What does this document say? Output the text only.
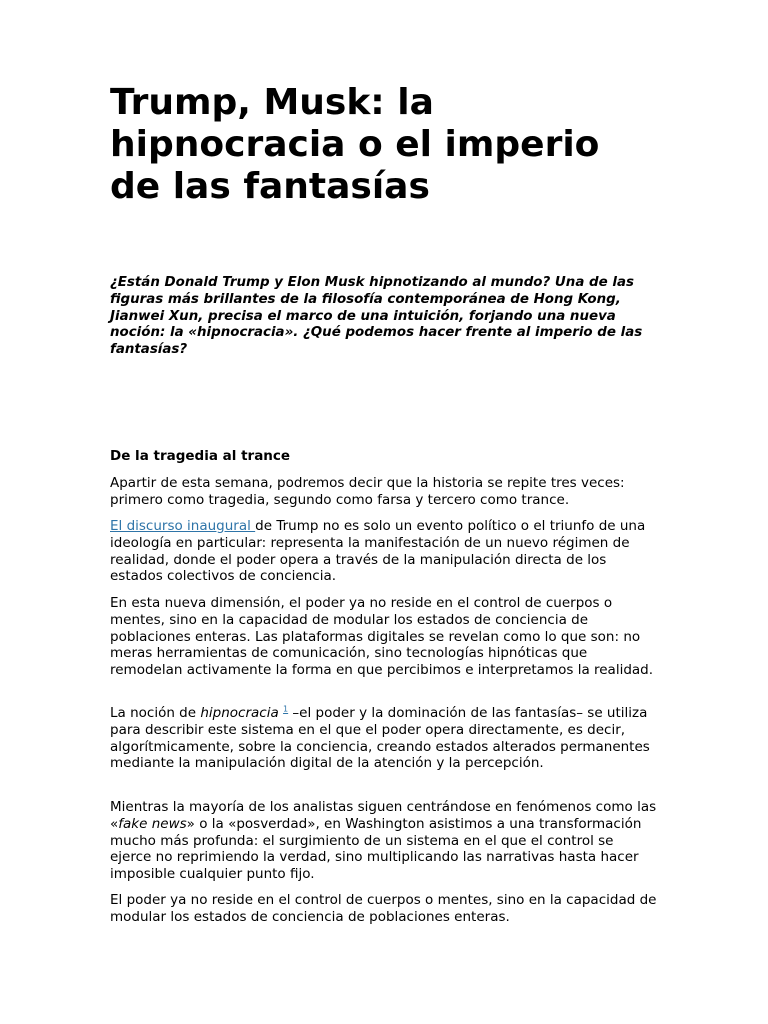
Trump, Musk: la hipnocracia o el imperio de las fantasías

¿Están Donald Trump y Elon Musk hipnotizando al mundo? Una de las figuras más brillantes de la filosofía contemporánea de Hong Kong, Jianwei Xun, precisa el marco de una intuición, forjando una nueva noción: la «hipnocracia». ¿Qué podemos hacer frente al imperio de las fantasías?

De la tragedia al trance

Apartir de esta semana, podremos decir que la historia se repite tres veces: primero como tragedia, segundo como farsa y tercero como trance.

El discurso inaugural de Trump no es solo un evento político o el triunfo de una ideología en particular: representa la manifestación de un nuevo régimen de realidad, donde el poder opera a través de la manipulación directa de los estados colectivos de conciencia.

En esta nueva dimensión, el poder ya no reside en el control de cuerpos o mentes, sino en la capacidad de modular los estados de conciencia de poblaciones enteras. Las plataformas digitales se revelan como lo que son: no meras herramientas de comunicación, sino tecnologías hipnóticas que remodelan activamente la forma en que percibimos e interpretamos la realidad.

La noción de hipnocracia $^1$ –el poder y la dominación de las fantasías– se utiliza para describir este sistema en el que el poder opera directamente, es decir, algorítmicamente, sobre la conciencia, creando estados alterados permanentes mediante la manipulación digital de la atención y la percepción.

Mientras la mayoría de los analistas siguen centrándose en fenómenos como las «fake news» o la «posverdad», en Washington asistimos a una transformación mucho más profunda: el surgimiento de un sistema en el que el control se ejerce no reprimiendo la verdad, sino multiplicando las narrativas hasta hacer imposible cualquier punto fijo.

El poder ya no reside en el control de cuerpos o mentes, sino en la capacidad de modular los estados de conciencia de poblaciones enteras.
